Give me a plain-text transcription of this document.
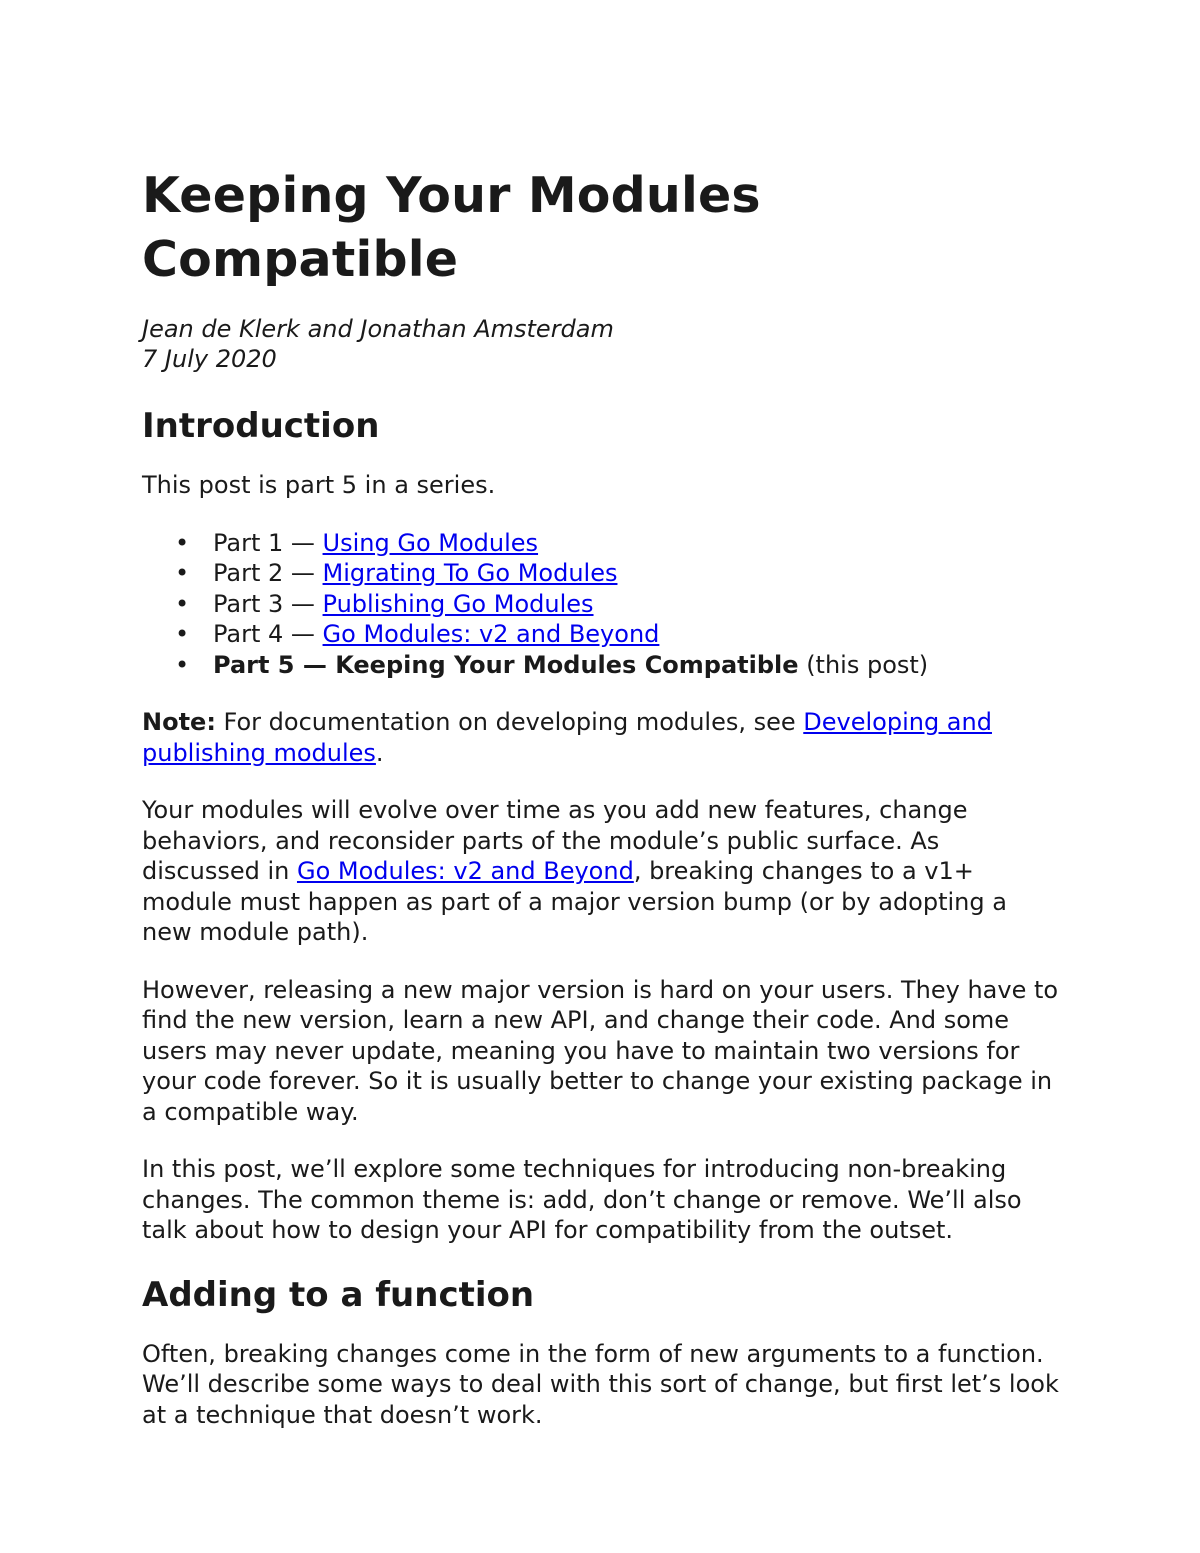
Keeping Your Modules Compatible
Jean de Klerk and Jonathan Amsterdam
7 July 2020
Introduction

This post is part 5 in a series.

• Part 1 — Using Go Modules
• Part 2 — Migrating To Go Modules
• Part 3 — Publishing Go Modules
• Part 4 — Go Modules: v2 and Beyond
• Part 5 — Keeping Your Modules Compatible (this post)

Note: For documentation on developing modules, see Developing and publishing modules.

Your modules will evolve over time as you add new features, change behaviors, and reconsider parts of the module’s public surface. As discussed in Go Modules: v2 and Beyond, breaking changes to a v1+ module must happen as part of a major version bump (or by adopting a new module path).

However, releasing a new major version is hard on your users. They have to find the new version, learn a new API, and change their code. And some users may never update, meaning you have to maintain two versions for your code forever. So it is usually better to change your existing package in a compatible way.

In this post, we’ll explore some techniques for introducing non-breaking changes. The common theme is: add, don’t change or remove. We’ll also talk about how to design your API for compatibility from the outset.

Adding to a function

Often, breaking changes come in the form of new arguments to a function. We’ll describe some ways to deal with this sort of change, but first let’s look at a technique that doesn’t work.
